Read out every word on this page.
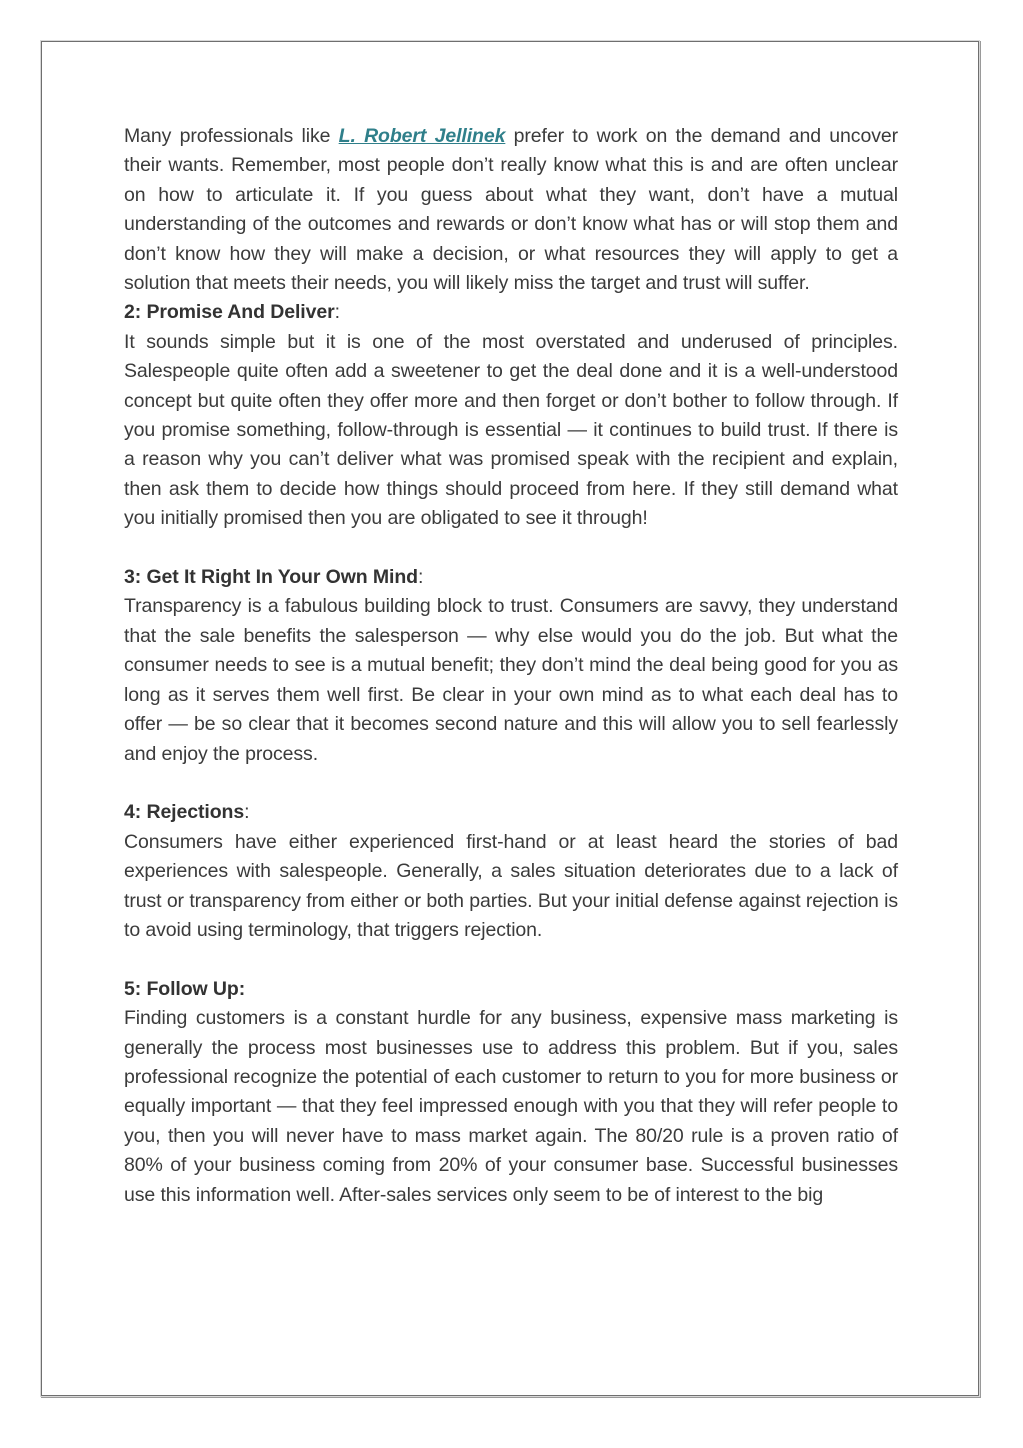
Many professionals like L. Robert Jellinek prefer to work on the demand and uncover their wants. Remember, most people don’t really know what this is and are often unclear on how to articulate it. If you guess about what they want, don’t have a mutual understanding of the outcomes and rewards or don’t know what has or will stop them and don’t know how they will make a decision, or what resources they will apply to get a solution that meets their needs, you will likely miss the target and trust will suffer.

2: Promise And Deliver:

It sounds simple but it is one of the most overstated and underused of principles. Salespeople quite often add a sweetener to get the deal done and it is a well-understood concept but quite often they offer more and then forget or don’t bother to follow through. If you promise something, follow-through is essential — it continues to build trust. If there is a reason why you can’t deliver what was promised speak with the recipient and explain, then ask them to decide how things should proceed from here. If they still demand what you initially promised then you are obligated to see it through!

3: Get It Right In Your Own Mind:

Transparency is a fabulous building block to trust. Consumers are savvy, they understand that the sale benefits the salesperson — why else would you do the job. But what the consumer needs to see is a mutual benefit; they don’t mind the deal being good for you as long as it serves them well first. Be clear in your own mind as to what each deal has to offer — be so clear that it becomes second nature and this will allow you to sell fearlessly and enjoy the process.

4: Rejections:

Consumers have either experienced first-hand or at least heard the stories of bad experiences with salespeople. Generally, a sales situation deteriorates due to a lack of trust or transparency from either or both parties. But your initial defense against rejection is to avoid using terminology, that triggers rejection.

5: Follow Up:

Finding customers is a constant hurdle for any business, expensive mass marketing is generally the process most businesses use to address this problem. But if you, sales professional recognize the potential of each customer to return to you for more business or equally important — that they feel impressed enough with you that they will refer people to you, then you will never have to mass market again. The 80/20 rule is a proven ratio of 80% of your business coming from 20% of your consumer base. Successful businesses use this information well. After-sales services only seem to be of interest to the big
